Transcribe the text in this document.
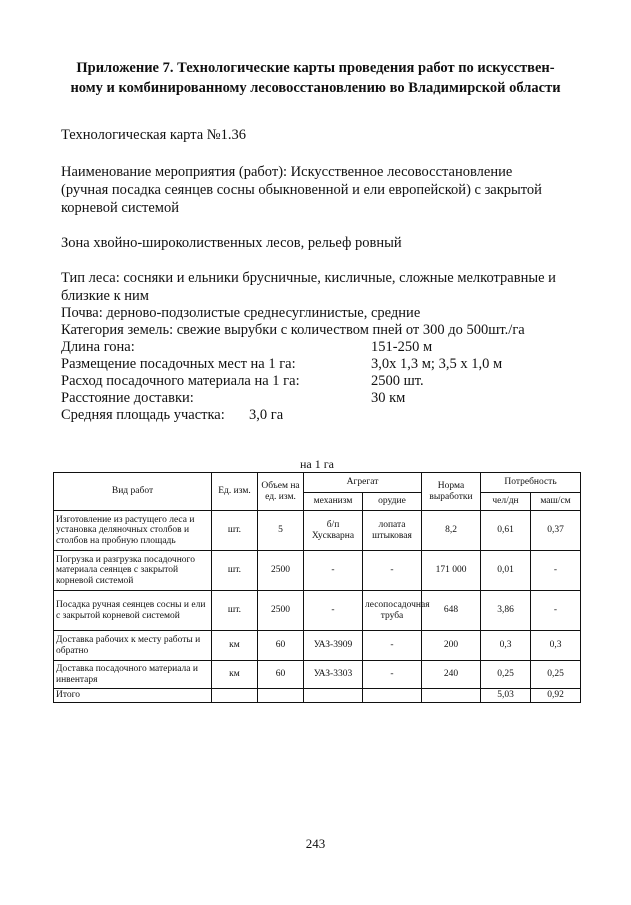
Приложение 7. Технологические карты проведения работ по искусствен-
ному и комбинированному лесовосстановлению во Владимирской области
Технологическая карта №1.36
Наименование мероприятия (работ): Искусственное лесовосстановление
(ручная посадка сеянцев сосны обыкновенной и ели европейской) с закрытой
корневой системой
Зона хвойно-широколиственных лесов, рельеф ровный
Тип леса: сосняки и ельники брусничные, кисличные, сложные мелкотравные и
близкие к ним
Почва: дерново-подзолистые среднесуглинистые, средние
Категория земель: свежие вырубки с количеством пней от 300 до 500шт./га
Длина гона:	151-250 м
Размещение посадочных мест на 1 га:	3,0х 1,3 м; 3,5 х 1,0 м
Расход посадочного материала на 1 га:	2500 шт.
Расстояние доставки:	30 км
Средняя площадь участка: 3,0 га
на 1 га
Вид работ	Ед. изм.	Объем на ед. изм.	Агрегат		Норма выработки	Потребность	
			механизм	орудие		чел/дн	маш/см
Изготовление из растущего леса и установка деляночных столбов и столбов на пробную площадь	шт.	5	б/п Хускварна	лопата штыковая	8,2	0,61	0,37
Погрузка и разгрузка посадочного материала сеянцев с закрытой корневой системой	шт.	2500	-	-	171 000	0,01	-
Посадка ручная сеянцев сосны и ели с закрытой корневой системой	шт.	2500	-	лесопосадочная труба	648	3,86	-
Доставка рабочих к месту работы и обратно	км	60	УАЗ-3909	-	200	0,3	0,3
Доставка посадочного материала и инвентаря	км	60	УАЗ-3303	-	240	0,25	0,25
Итого						5,03	0,92
243
